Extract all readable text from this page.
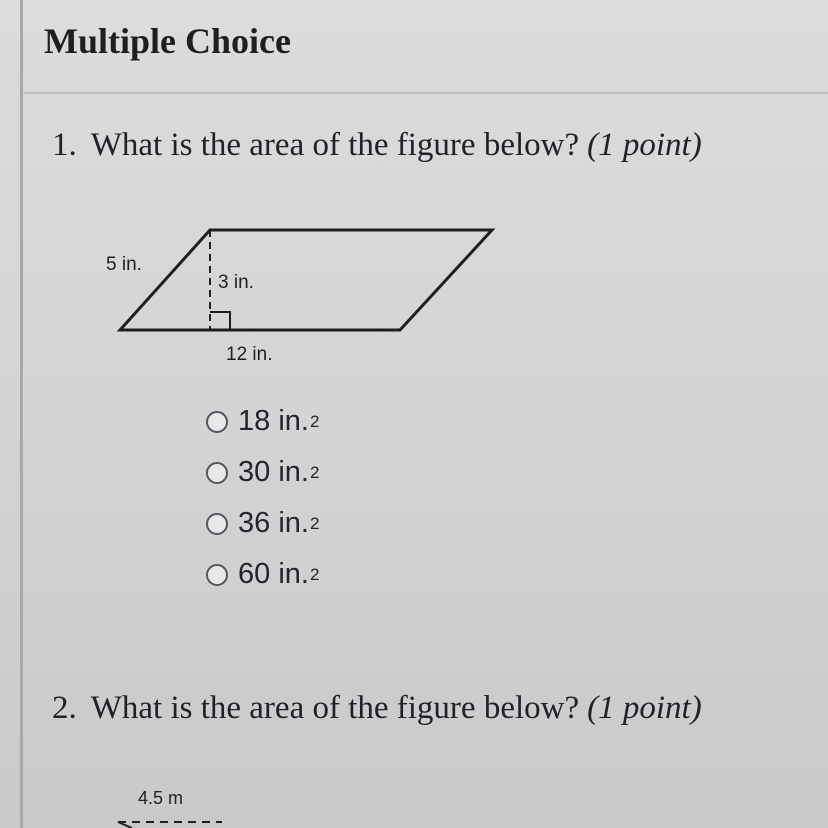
Multiple Choice
1. What is the area of the figure below? (1 point)
5 in.
3 in.
12 in.
18 in. 2
30 in. 2
36 in. 2
60 in. 2
2. What is the area of the figure below? (1 point)
4.5 m
